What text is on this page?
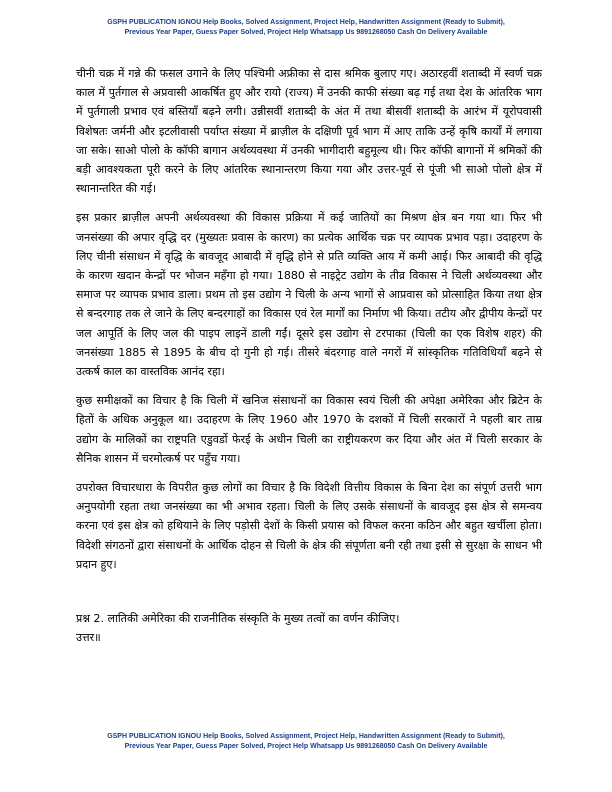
GSPH PUBLICATION IGNOU Help Books, Solved Assignment, Project Help, Handwritten Assignment (Ready to Submit),
Previous Year Paper, Guess Paper Solved, Project Help Whatsapp Us 9891268050 Cash On Delivery Available

चीनी चक्र में गन्ने की फसल उगाने के लिए पश्चिमी अफ्रीका से दास श्रमिक बुलाए गए। अठारहवीं शताब्दी में स्वर्ण चक्र काल में पुर्तगाल से अप्रवासी आकर्षित हुए और रायो (राज्य) में उनकी काफी संख्या बढ़ गई तथा देश के आंतरिक भाग में पुर्तगाली प्रभाव एवं बस्तियाँ बढ़ने लगी। उन्नीसवीं शताब्दी के अंत में तथा बीसवीं शताब्दी के आरंभ में यूरोपवासी विशेषतः जर्मनी और इटलीवासी पर्याप्त संख्या में ब्राज़ील के दक्षिणी पूर्व भाग में आए ताकि उन्हें कृषि कार्यों में लगाया जा सके। साओ पोलो के कॉफी बागान अर्थव्यवस्था में उनकी भागीदारी बहुमूल्य थी। फिर कॉफी बागानों में श्रमिकों की बड़ी आवश्यकता पूरी करने के लिए आंतरिक स्थानान्तरण किया गया और उत्तर-पूर्व से पूंजी भी साओ पोलो क्षेत्र में स्थानान्तरित की गई।

इस प्रकार ब्राज़ील अपनी अर्थव्यवस्था की विकास प्रक्रिया में कई जातियों का मिश्रण क्षेत्र बन गया था। फिर भी जनसंख्या की अपार वृद्धि दर (मुख्यतः प्रवास के कारण) का प्रत्येक आर्थिक चक्र पर व्यापक प्रभाव पड़ा। उदाहरण के लिए चीनी संसाधन में वृद्धि के बावजूद आबादी में वृद्धि होने से प्रति व्यक्ति आय में कमी आई। फिर आबादी की वृद्धि के कारण खदान केन्द्रों पर भोजन महँगा हो गया। 1880 से नाइट्रेट उद्योग के तीव्र विकास ने चिली अर्थव्यवस्था और समाज पर व्यापक प्रभाव डाला। प्रथम तो इस उद्योग ने चिली के अन्य भागों से आप्रवास को प्रोत्साहित किया तथा क्षेत्र से बन्दरगाह तक ले जाने के लिए बन्दरगाहों का विकास एवं रेल मार्गों का निर्माण भी किया। तटीय और द्वीपीय केन्द्रों पर जल आपूर्ति के लिए जल की पाइप लाइनें डाली गईं। दूसरे इस उद्योग से टरपाका (चिली का एक विशेष शहर) की जनसंख्या 1885 से 1895 के बीच दो गुनी हो गई। तीसरे बंदरगाह वाले नगरों में सांस्कृतिक गतिविधियाँ बढ़ने से उत्कर्ष काल का वास्तविक आनंद रहा।

कुछ समीक्षकों का विचार है कि चिली में खनिज संसाधनों का विकास स्वयं चिली की अपेक्षा अमेरिका और ब्रिटेन के हितों के अधिक अनुकूल था। उदाहरण के लिए 1960 और 1970 के दशकों में चिली सरकारों ने पहली बार ताम्र उद्योग के मालिकों का राष्ट्रपति एडुवर्डो फेरई के अधीन चिली का राष्ट्रीयकरण कर दिया और अंत में चिली सरकार के सैनिक शासन में चरमोत्कर्ष पर पहुँच गया।

उपरोक्त विचारधारा के विपरीत कुछ लोगों का विचार है कि विदेशी वित्तीय विकास के बिना देश का संपूर्ण उत्तरी भाग अनुपयोगी रहता तथा जनसंख्या का भी अभाव रहता। चिली के लिए उसके संसाधनों के बावजूद इस क्षेत्र से समन्वय करना एवं इस क्षेत्र को हथियाने के लिए पड़ोसी देशों के किसी प्रयास को विफल करना कठिन और बहुत खर्चीला होता। विदेशी संगठनों द्वारा संसाधनों के आर्थिक दोहन से चिली के क्षेत्र की संपूर्णता बनी रही तथा इसी से सुरक्षा के साधन भी प्रदान हुए।

प्रश्न 2. लातिकी अमेरिका की राजनीतिक संस्कृति के मुख्य तत्वों का वर्णन कीजिए।
उत्तर॥
GSPH PUBLICATION IGNOU Help Books, Solved Assignment, Project Help, Handwritten Assignment (Ready to Submit),
Previous Year Paper, Guess Paper Solved, Project Help Whatsapp Us 9891268050 Cash On Delivery Available
